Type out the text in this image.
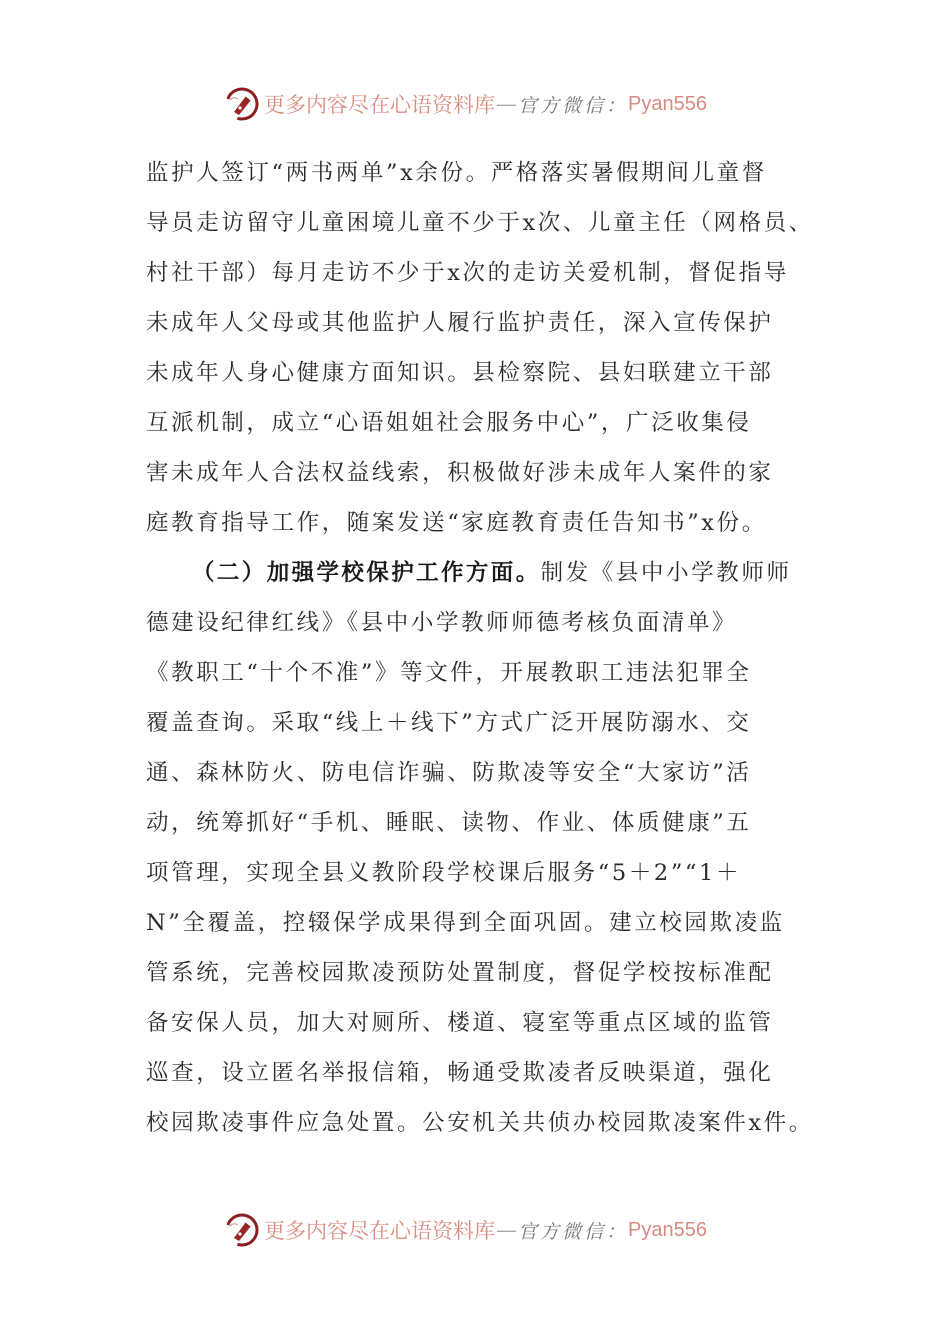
更多内容尽在心语资料库 — 官方微信： Pyan556
监护人签订“两书两单”x余份。严格落实暑假期间儿童督
导员走访留守儿童困境儿童不少于x次、儿童主任（网格员、
村社干部）每月走访不少于x次的走访关爱机制，督促指导
未成年人父母或其他监护人履行监护责任，深入宣传保护
未成年人身心健康方面知识。县检察院、县妇联建立干部
互派机制，成立“心语姐姐社会服务中心”，广泛收集侵
害未成年人合法权益线索，积极做好涉未成年人案件的家
庭教育指导工作，随案发送“家庭教育责任告知书”x份。
（二）加强学校保护工作方面。制发《县中小学教师师
德建设纪律红线》《县中小学教师师德考核负面清单》
《教职工“十个不准”》等文件，开展教职工违法犯罪全
覆盖查询。采取“线上＋线下”方式广泛开展防溺水、交
通、森林防火、防电信诈骗、防欺凌等安全“大家访”活
动，统筹抓好“手机、睡眠、读物、作业、体质健康”五
项管理，实现全县义教阶段学校课后服务“5＋2”“1＋
N”全覆盖，控辍保学成果得到全面巩固。建立校园欺凌监
管系统，完善校园欺凌预防处置制度，督促学校按标准配
备安保人员，加大对厕所、楼道、寝室等重点区域的监管
巡查，设立匿名举报信箱，畅通受欺凌者反映渠道，强化
校园欺凌事件应急处置。公安机关共侦办校园欺凌案件x件。
更多内容尽在心语资料库 — 官方微信： Pyan556
